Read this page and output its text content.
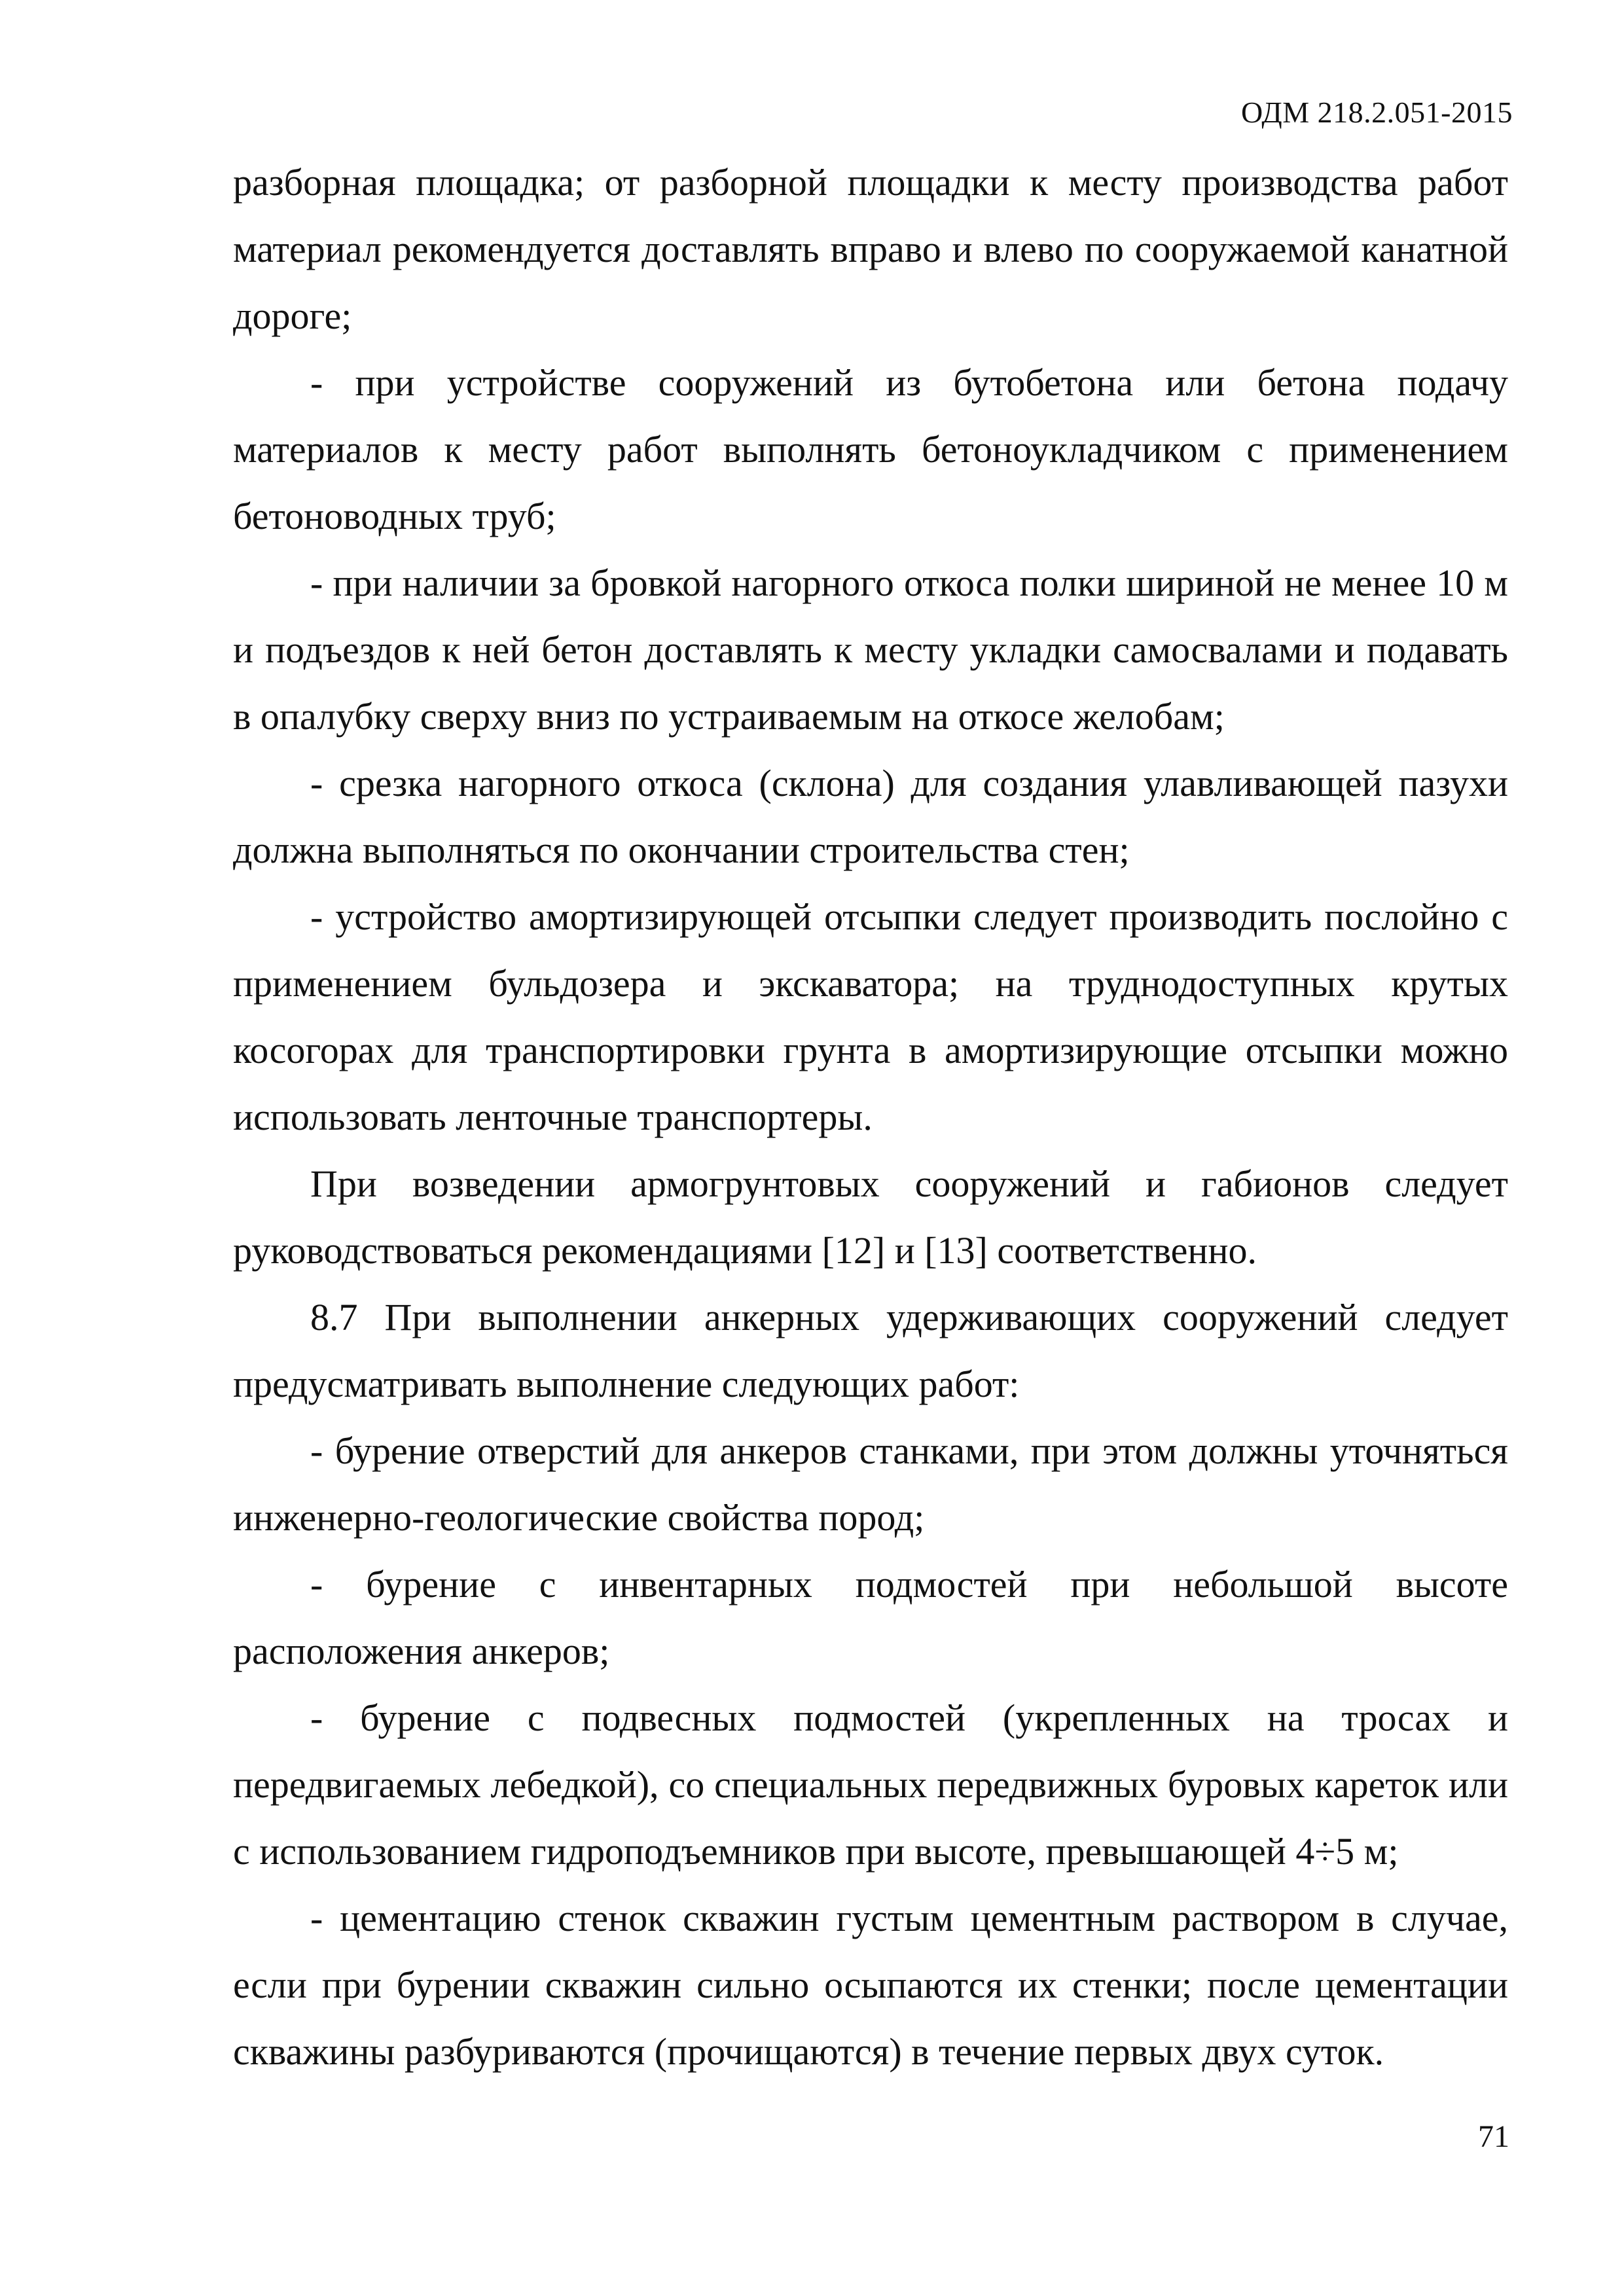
ОДМ 218.2.051-2015

разборная площадка; от разборной площадки к месту производства работ материал рекомендуется доставлять вправо и влево по сооружаемой канатной дороге;

- при устройстве сооружений из бутобетона или бетона подачу материалов к месту работ выполнять бетоноукладчиком с применением бетоноводных труб;

- при наличии за бровкой нагорного откоса полки шириной не менее 10 м и подъездов к ней бетон доставлять к месту укладки самосвалами и подавать в опалубку сверху вниз по устраиваемым на откосе желобам;

- срезка нагорного откоса (склона) для создания улавливающей пазухи должна выполняться по окончании строительства стен;

- устройство амортизирующей отсыпки следует производить послойно с применением бульдозера и экскаватора; на труднодоступных крутых косогорах для транспортировки грунта в амортизирующие отсыпки можно использовать ленточные транспортеры.

При возведении армогрунтовых сооружений и габионов следует руководствоваться рекомендациями [12] и [13] соответственно.

8.7 При выполнении анкерных удерживающих сооружений следует предусматривать выполнение следующих работ:

- бурение отверстий для анкеров станками, при этом должны уточняться инженерно-геологические свойства пород;

- бурение с инвентарных подмостей при небольшой высоте расположения анкеров;

- бурение с подвесных подмостей (укрепленных на тросах и передвигаемых лебедкой), со специальных передвижных буровых кареток или с использованием гидроподъемников при высоте, превышающей 4÷5 м;

- цементацию стенок скважин густым цементным раствором в случае, если при бурении скважин сильно осыпаются их стенки; после цементации скважины разбуриваются (прочищаются) в течение первых двух суток.

71
